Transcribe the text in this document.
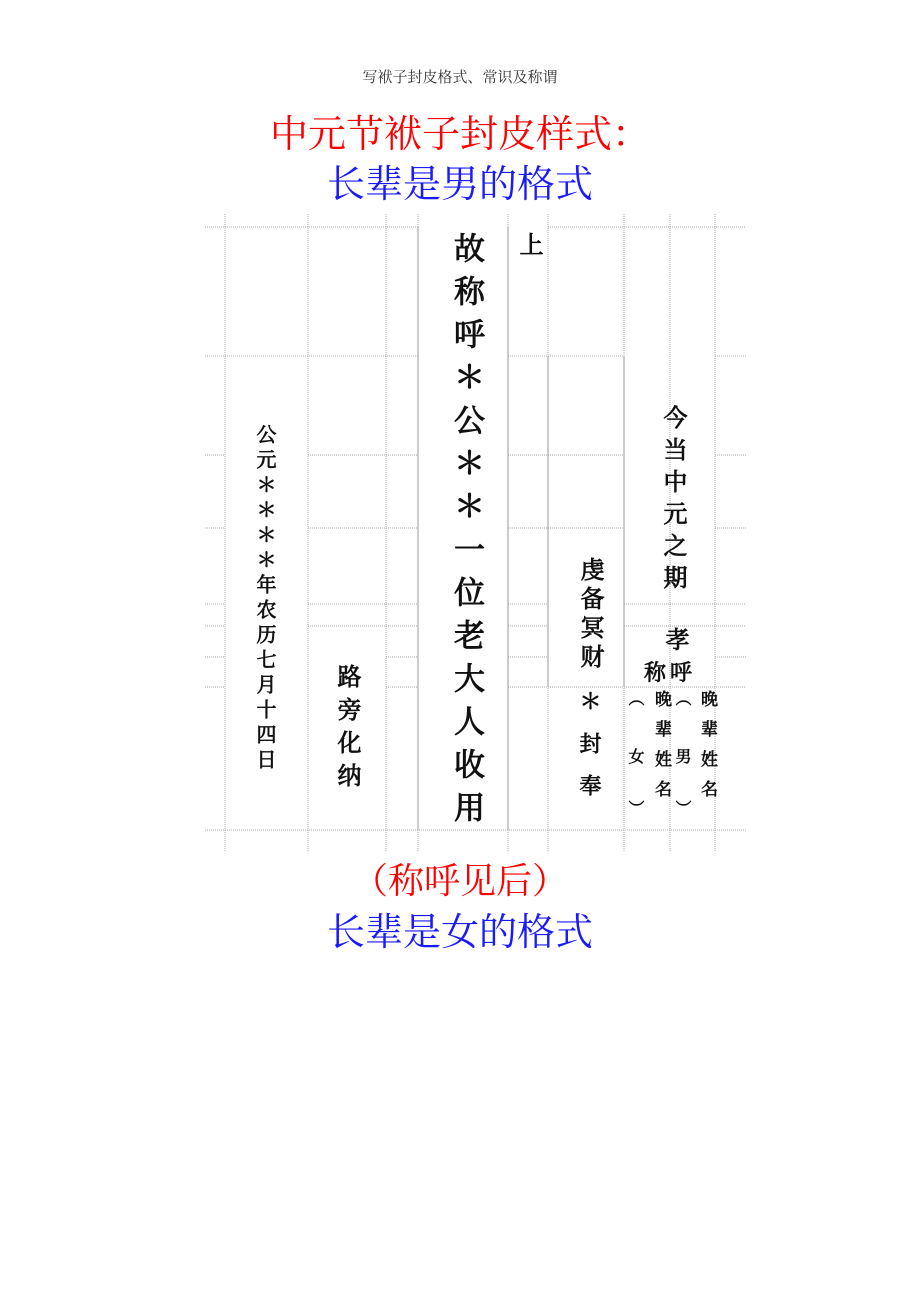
写袱子封皮格式、常识及称谓
中元节袱子封皮样式：
长辈是男的格式
公元＊＊＊＊年农历七月十四日 路旁化纳	故称呼＊公＊＊一位老大人收用 上
虔备冥财
＊封奉
今当中元之期
孝
称呼
（
女
） 晚辈姓名 （
男
） 晚辈姓名
（称呼见后）
长辈是女的格式
